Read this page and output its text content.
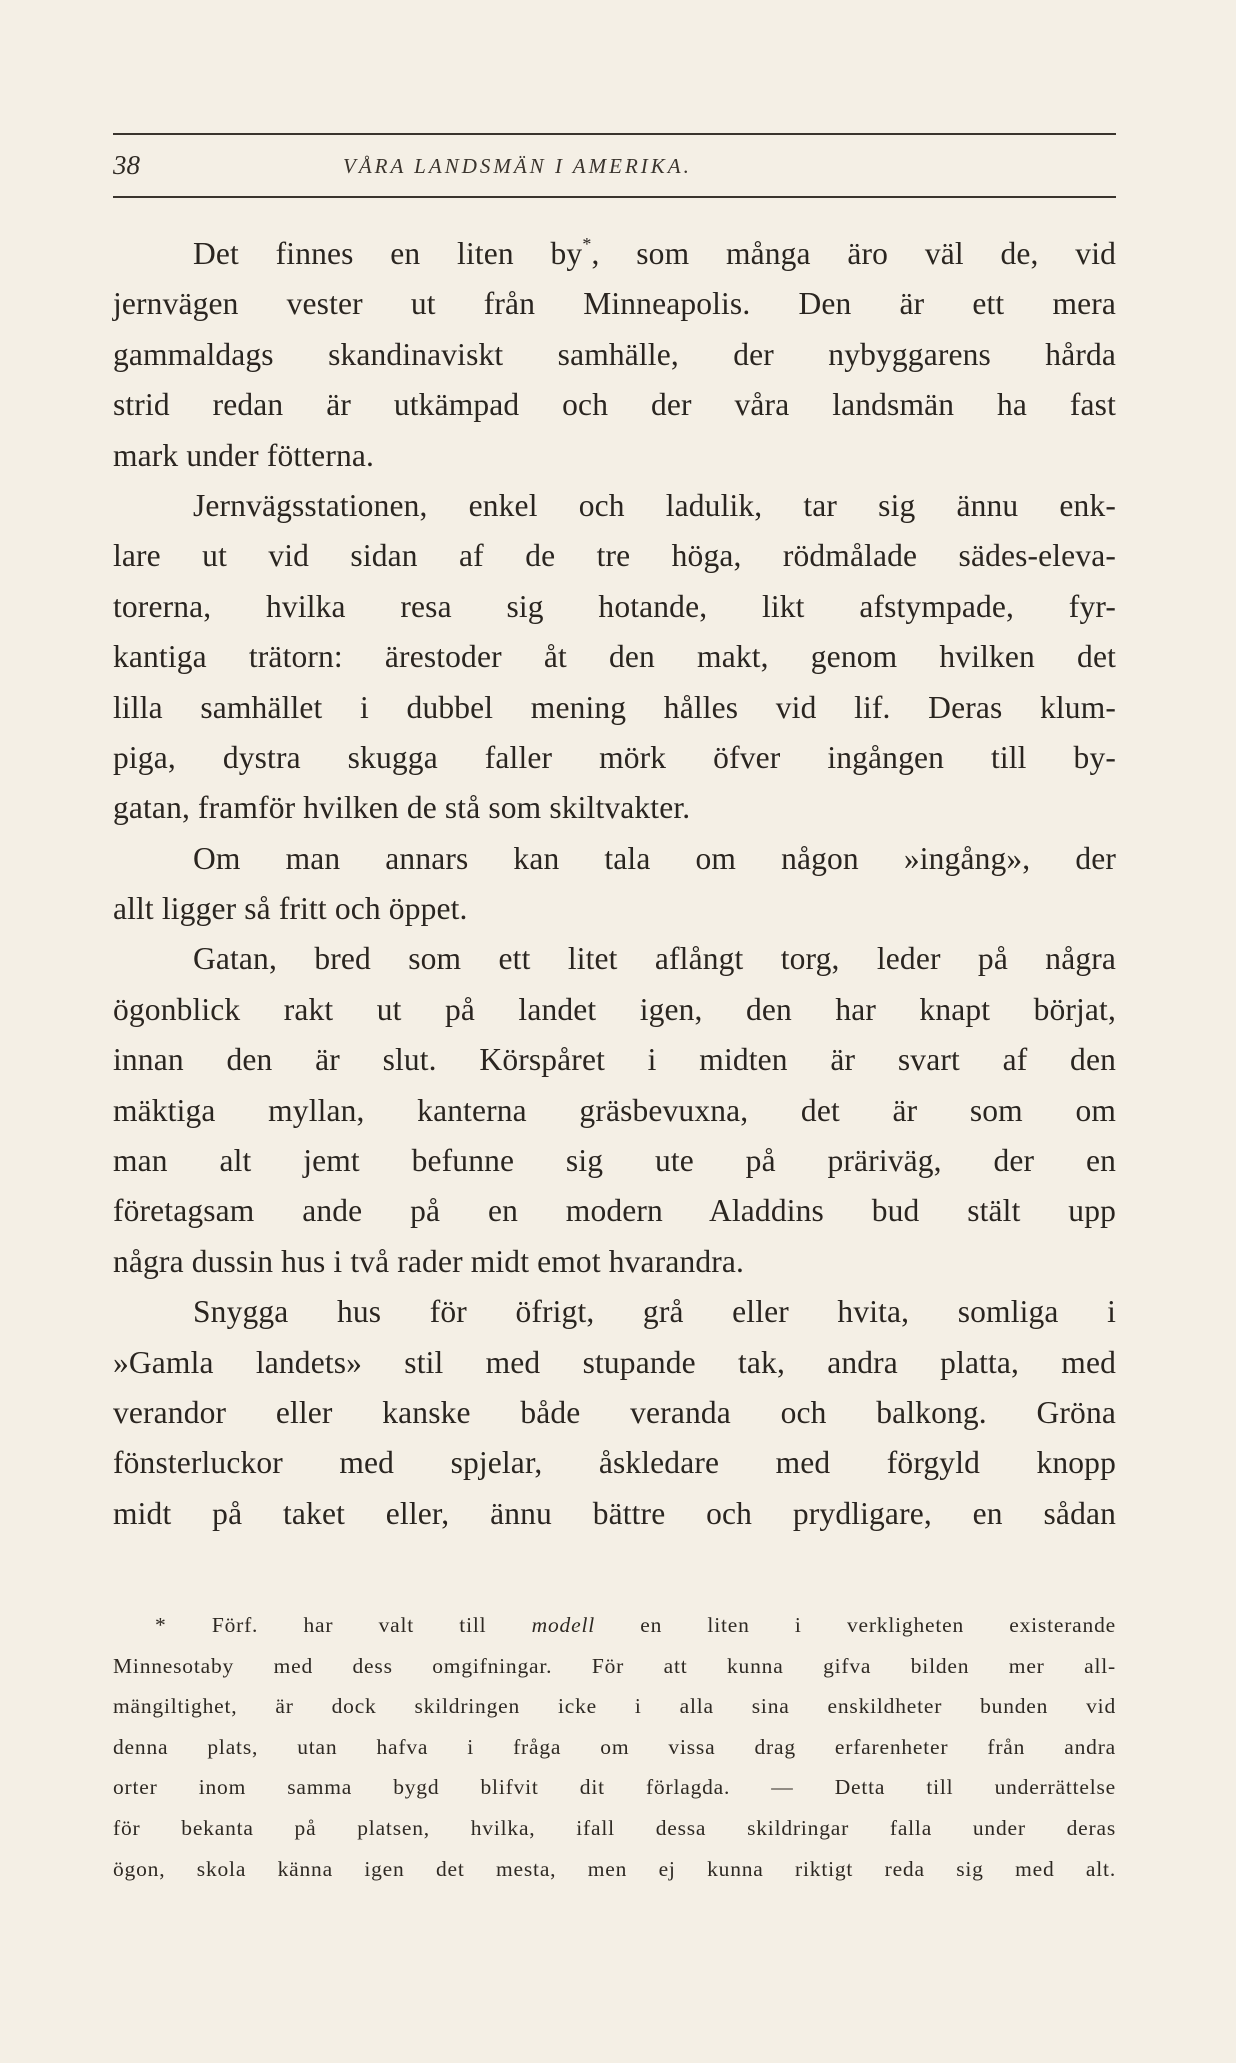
38	VÅRA LANDSMÄN I AMERIKA.
Det finnes en liten by*, som många äro väl de, vid
jernvägen vester ut från Minneapolis. Den är ett mera
gammaldags skandinaviskt samhälle, der nybyggarens hårda
strid redan är utkämpad och der våra landsmän ha fast
mark under fötterna.
Jernvägsstationen, enkel och ladulik, tar sig ännu enk-
lare ut vid sidan af de tre höga, rödmålade sädes-eleva-
torerna, hvilka resa sig hotande, likt afstympade, fyr-
kantiga trätorn: ärestoder åt den makt, genom hvilken det
lilla samhället i dubbel mening hålles vid lif. Deras klum-
piga, dystra skugga faller mörk öfver ingången till by-
gatan, framför hvilken de stå som skiltvakter.
Om man annars kan tala om någon »ingång», der
allt ligger så fritt och öppet.
Gatan, bred som ett litet aflångt torg, leder på några
ögonblick rakt ut på landet igen, den har knapt börjat,
innan den är slut. Körspåret i midten är svart af den
mäktiga myllan, kanterna gräsbevuxna, det är som om
man alt jemt befunne sig ute på präriväg, der en
företagsam ande på en modern Aladdins bud stält upp
några dussin hus i två rader midt emot hvarandra.
Snygga hus för öfrigt, grå eller hvita, somliga i
»Gamla landets» stil med stupande tak, andra platta, med
verandor eller kanske både veranda och balkong. Gröna
fönsterluckor med spjelar, åskledare med förgyld knopp
midt på taket eller, ännu bättre och prydligare, en sådan
* Förf. har valt till modell en liten i verkligheten existerande
Minnesotaby med dess omgifningar. För att kunna gifva bilden mer all-
mängiltighet, är dock skildringen icke i alla sina enskildheter bunden vid
denna plats, utan hafva i fråga om vissa drag erfarenheter från andra
orter inom samma bygd blifvit dit förlagda. — Detta till underrättelse
för bekanta på platsen, hvilka, ifall dessa skildringar falla under deras
ögon, skola känna igen det mesta, men ej kunna riktigt reda sig med alt.
